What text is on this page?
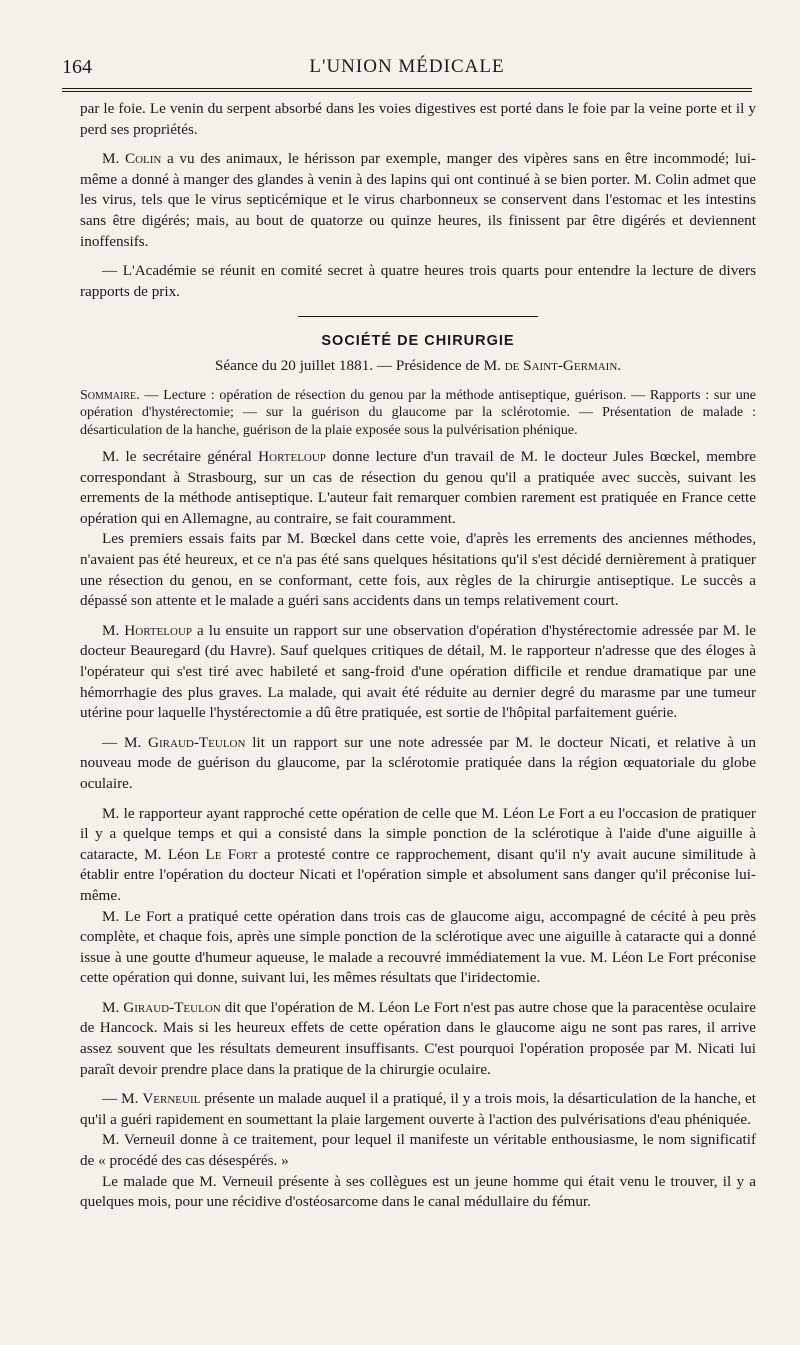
164	L'UNION MÉDICALE

par le foie. Le venin du serpent absorbé dans les voies digestives est porté dans le foie par la veine porte et il y perd ses propriétés.

M. Colin a vu des animaux, le hérisson par exemple, manger des vipères sans en être incommodé; lui-même a donné à manger des glandes à venin à des lapins qui ont continué à se bien porter. M. Colin admet que les virus, tels que le virus septicémique et le virus charbonneux se conservent dans l'estomac et les intestins sans être digérés; mais, au bout de quatorze ou quinze heures, ils finissent par être digérés et deviennent inoffensifs.

— L'Académie se réunit en comité secret à quatre heures trois quarts pour entendre la lecture de divers rapports de prix.

SOCIÉTÉ DE CHIRURGIE
Séance du 20 juillet 1881. — Présidence de M. de Saint-Germain.

Sommaire. — Lecture : opération de résection du genou par la méthode antiseptique, guérison. — Rapports : sur une opération d'hystérectomie; — sur la guérison du glaucome par la sclérotomie. — Présentation de malade : désarticulation de la hanche, guérison de la plaie exposée sous la pulvérisation phénique.

M. le secrétaire général Horteloup donne lecture d'un travail de M. le docteur Jules Bœckel, membre correspondant à Strasbourg, sur un cas de résection du genou qu'il a pratiquée avec succès, suivant les errements de la méthode antiseptique. L'auteur fait remarquer combien rarement est pratiquée en France cette opération qui en Allemagne, au contraire, se fait couramment.

Les premiers essais faits par M. Bœckel dans cette voie, d'après les errements des anciennes méthodes, n'avaient pas été heureux, et ce n'a pas été sans quelques hésitations qu'il s'est décidé dernièrement à pratiquer une résection du genou, en se conformant, cette fois, aux règles de la chirurgie antiseptique. Le succès a dépassé son attente et le malade a guéri sans accidents dans un temps relativement court.

M. Horteloup a lu ensuite un rapport sur une observation d'opération d'hystérectomie adressée par M. le docteur Beauregard (du Havre). Sauf quelques critiques de détail, M. le rapporteur n'adresse que des éloges à l'opérateur qui s'est tiré avec habileté et sang-froid d'une opération difficile et rendue dramatique par une hémorrhagie des plus graves. La malade, qui avait été réduite au dernier degré du marasme par une tumeur utérine pour laquelle l'hystérectomie a dû être pratiquée, est sortie de l'hôpital parfaitement guérie.

— M. Giraud-Teulon lit un rapport sur une note adressée par M. le docteur Nicati, et relative à un nouveau mode de guérison du glaucome, par la sclérotomie pratiquée dans la région œquatoriale du globe oculaire.

M. le rapporteur ayant rapproché cette opération de celle que M. Léon Le Fort a eu l'occasion de pratiquer il y a quelque temps et qui a consisté dans la simple ponction de la sclérotique à l'aide d'une aiguille à cataracte, M. Léon Le Fort a protesté contre ce rapprochement, disant qu'il n'y avait aucune similitude à établir entre l'opération du docteur Nicati et l'opération simple et absolument sans danger qu'il préconise lui-même.

M. Le Fort a pratiqué cette opération dans trois cas de glaucome aigu, accompagné de cécité à peu près complète, et chaque fois, après une simple ponction de la sclérotique avec une aiguille à cataracte qui a donné issue à une goutte d'humeur aqueuse, le malade a recouvré immédiatement la vue. M. Léon Le Fort préconise cette opération qui donne, suivant lui, les mêmes résultats que l'iridectomie.

M. Giraud-Teulon dit que l'opération de M. Léon Le Fort n'est pas autre chose que la paracentèse oculaire de Hancock. Mais si les heureux effets de cette opération dans le glaucome aigu ne sont pas rares, il arrive assez souvent que les résultats demeurent insuffisants. C'est pourquoi l'opération proposée par M. Nicati lui paraît devoir prendre place dans la pratique de la chirurgie oculaire.

— M. Verneuil présente un malade auquel il a pratiqué, il y a trois mois, la désarticulation de la hanche, et qu'il a guéri rapidement en soumettant la plaie largement ouverte à l'action des pulvérisations d'eau phéniquée.

M. Verneuil donne à ce traitement, pour lequel il manifeste un véritable enthousiasme, le nom significatif de « procédé des cas désespérés. »

Le malade que M. Verneuil présente à ses collègues est un jeune homme qui était venu le trouver, il y a quelques mois, pour une récidive d'ostéosarcome dans le canal médullaire du fémur.
